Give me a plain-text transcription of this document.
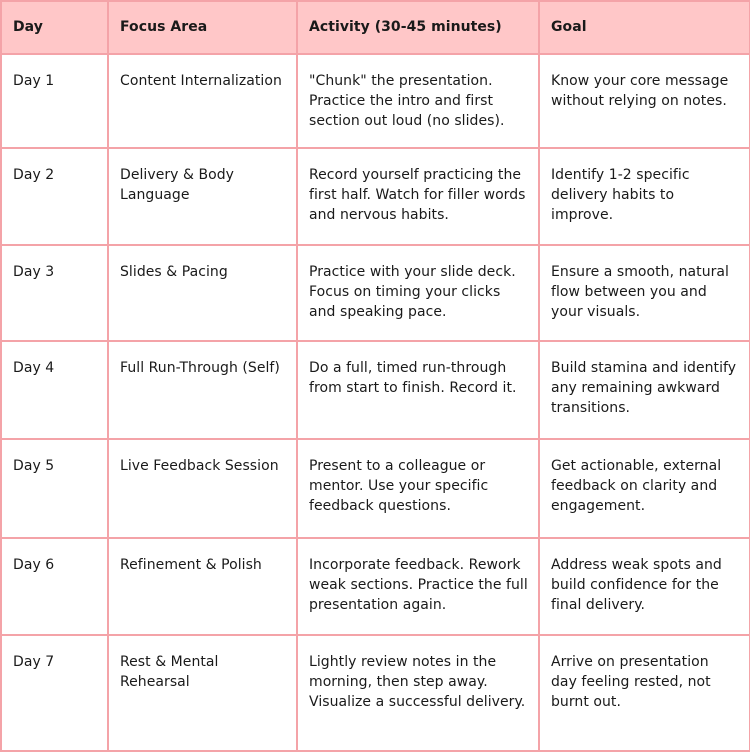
Day	Focus Area	Activity (30-45 minutes)	Goal
Day 1	Content Internalization	"Chunk" the presentation. Practice the intro and first section out loud (no slides).	Know your core message without relying on notes.
Day 2	Delivery & Body Language	Record yourself practicing the first half. Watch for filler words and nervous habits.	Identify 1-2 specific delivery habits to improve.
Day 3	Slides & Pacing	Practice with your slide deck. Focus on timing your clicks and speaking pace.	Ensure a smooth, natural flow between you and your visuals.
Day 4	Full Run-Through (Self)	Do a full, timed run-through from start to finish. Record it.	Build stamina and identify any remaining awkward transitions.
Day 5	Live Feedback Session	Present to a colleague or mentor. Use your specific feedback questions.	Get actionable, external feedback on clarity and engagement.
Day 6	Refinement & Polish	Incorporate feedback. Rework weak sections. Practice the full presentation again.	Address weak spots and build confidence for the final delivery.
Day 7	Rest & Mental Rehearsal	Lightly review notes in the morning, then step away. Visualize a successful delivery.	Arrive on presentation day feeling rested, not burnt out.
